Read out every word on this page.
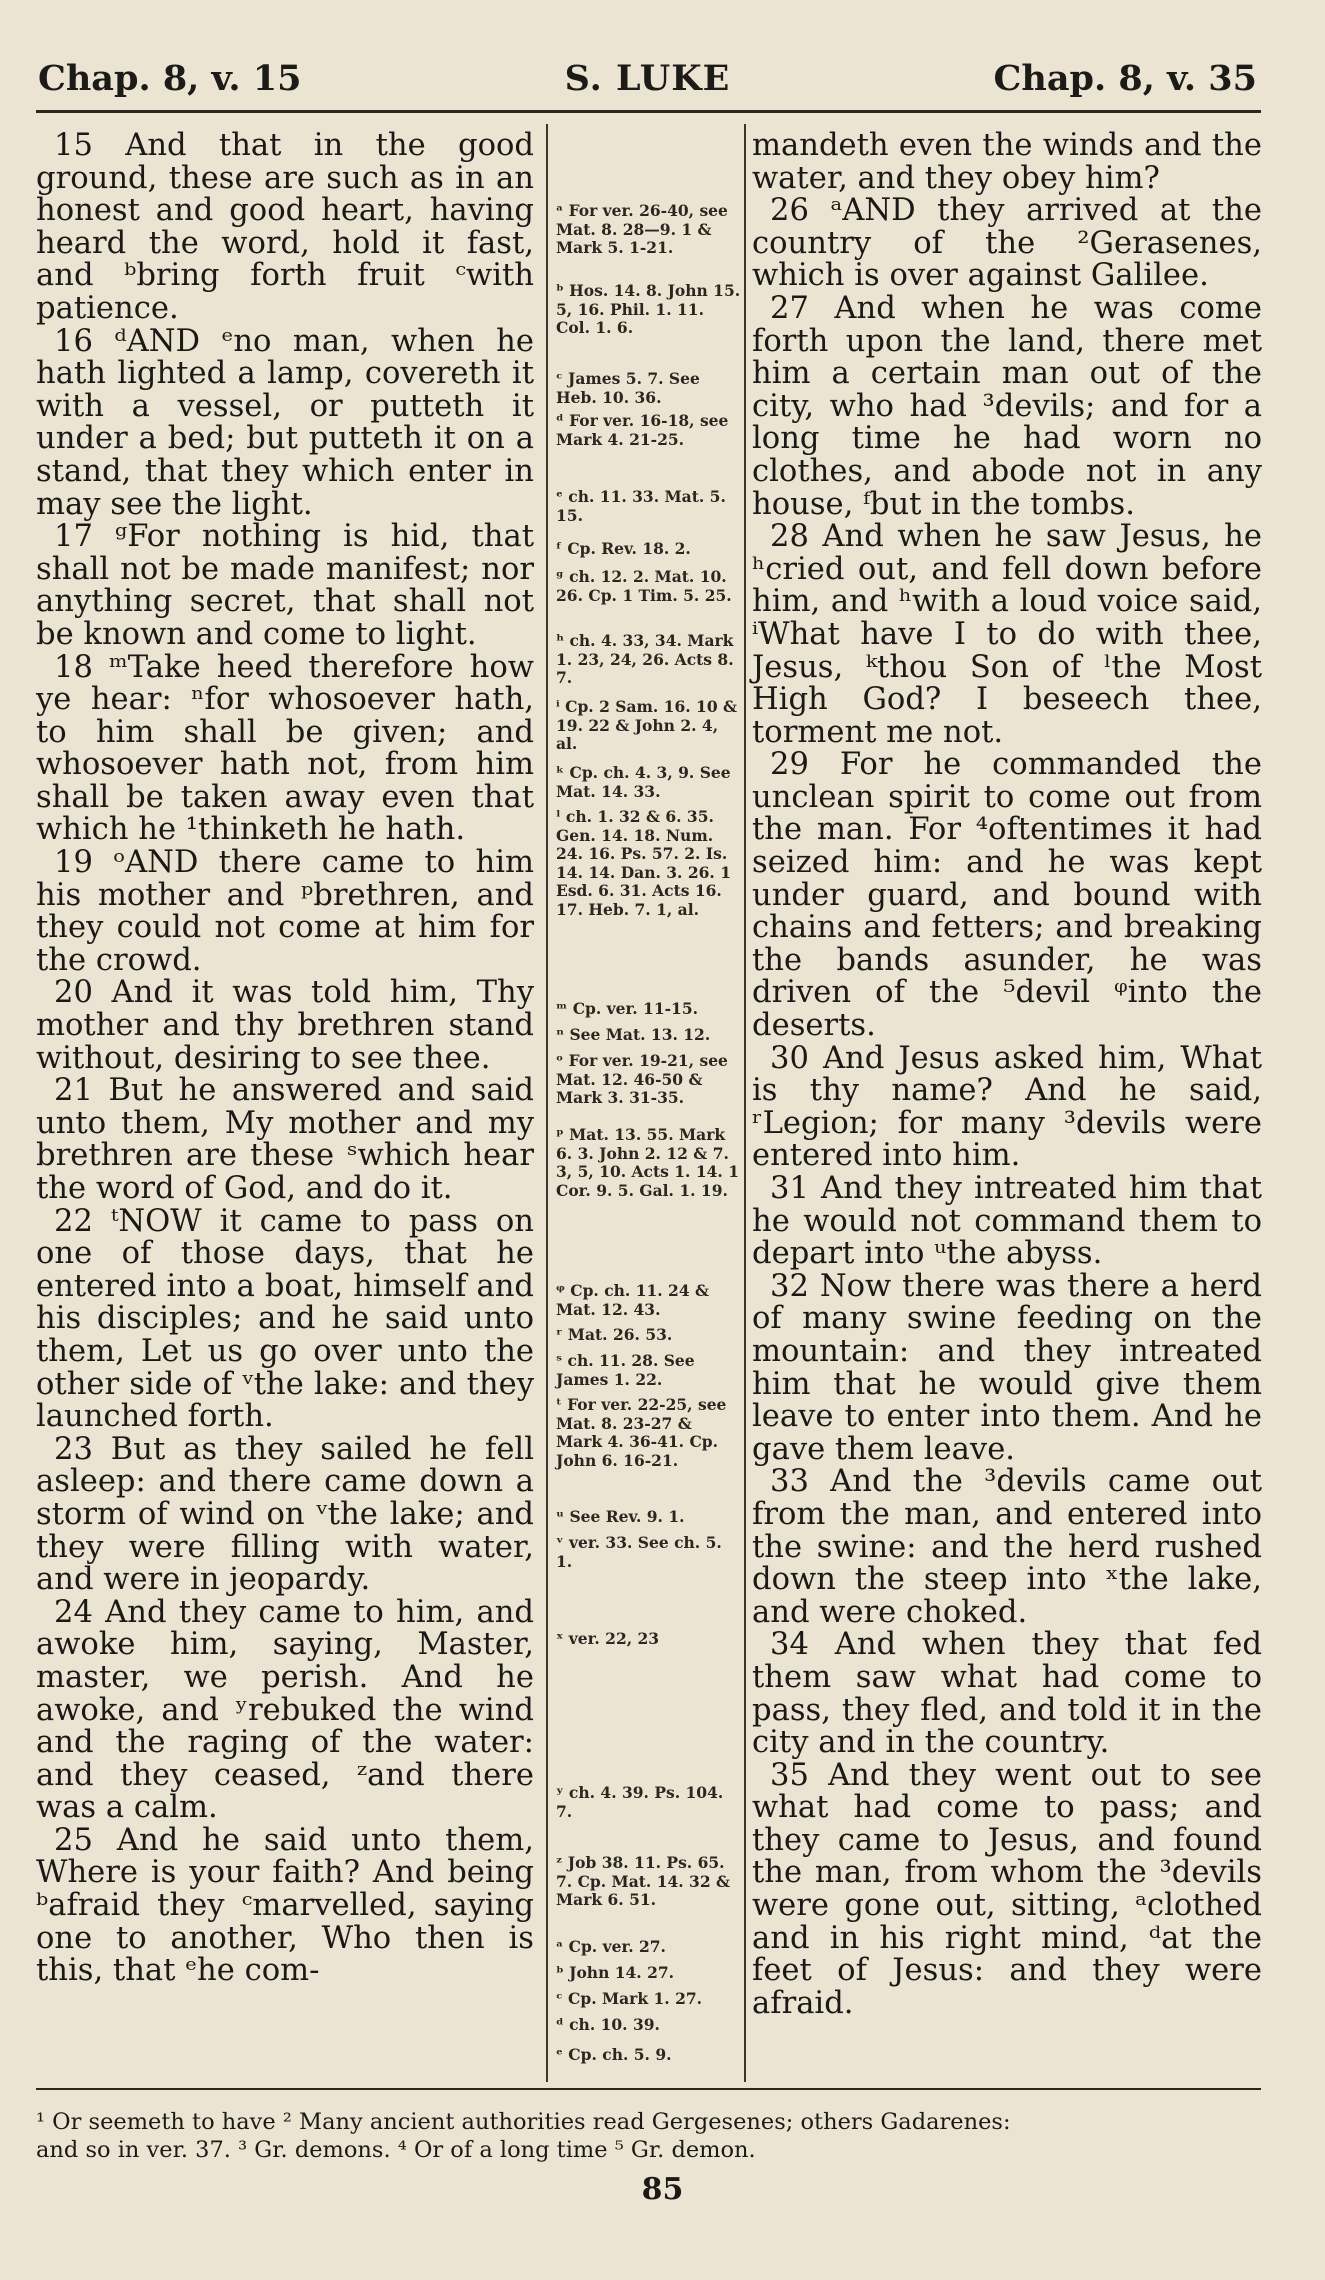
Chap. 8, v. 15	S. LUKE	Chap. 8, v. 35

15 And that in the good ground, these are such as in an honest and good heart, having heard the word, hold it fast, and ᵇbring forth fruit ᶜwith patience.

16 ᵈAND ᵉno man, when he hath lighted a lamp, covereth it with a vessel, or putteth it under a bed; but putteth it on a stand, that they which enter in may see the light.

17 ᵍFor nothing is hid, that shall not be made manifest; nor anything secret, that shall not be known and come to light.

18 ᵐTake heed therefore how ye hear: ⁿfor whosoever hath, to him shall be given; and whosoever hath not, from him shall be taken away even that which he ¹thinketh he hath.

19 ᵒAND there came to him his mother and ᵖbrethren, and they could not come at him for the crowd.

20 And it was told him, Thy mother and thy brethren stand without, desiring to see thee.

21 But he answered and said unto them, My mother and my brethren are these ˢwhich hear the word of God, and do it.

22 ᵗNOW it came to pass on one of those days, that he entered into a boat, himself and his disciples; and he said unto them, Let us go over unto the other side of ᵛthe lake: and they launched forth.

23 But as they sailed he fell asleep: and there came down a storm of wind on ᵛthe lake; and they were filling with water, and were in jeopardy.

24 And they came to him, and awoke him, saying, Master, master, we perish. And he awoke, and ʸrebuked the wind and the raging of the water: and they ceased, ᶻand there was a calm.

25 And he said unto them, Where is your faith? And being ᵇafraid they ᶜmarvelled, saying one to another, Who then is this, that ᵉhe com-

ᵃ For ver. 26-40, see Mat. 8. 28—9. 1 & Mark 5. 1-21.
ᵇ Hos. 14. 8. John 15. 5, 16. Phil. 1. 11. Col. 1. 6.
ᶜ James 5. 7. See Heb. 10. 36.
ᵈ For ver. 16-18, see Mark 4. 21-25.
ᵉ ch. 11. 33. Mat. 5. 15.
ᶠ Cp. Rev. 18. 2.
ᵍ ch. 12. 2. Mat. 10. 26. Cp. 1 Tim. 5. 25.
ʰ ch. 4. 33, 34. Mark 1. 23, 24, 26. Acts 8. 7.
ⁱ Cp. 2 Sam. 16. 10 & 19. 22 & John 2. 4, al.
ᵏ Cp. ch. 4. 3, 9. See Mat. 14. 33.
ˡ ch. 1. 32 & 6. 35. Gen. 14. 18. Num. 24. 16. Ps. 57. 2. Is. 14. 14. Dan. 3. 26. 1 Esd. 6. 31. Acts 16. 17. Heb. 7. 1, al.
ᵐ Cp. ver. 11-15.
ⁿ See Mat. 13. 12.
ᵒ For ver. 19-21, see Mat. 12. 46-50 & Mark 3. 31-35.
ᵖ Mat. 13. 55. Mark 6. 3. John 2. 12 & 7. 3, 5, 10. Acts 1. 14. 1 Cor. 9. 5. Gal. 1. 19.
ᵠ Cp. ch. 11. 24 & Mat. 12. 43.
ʳ Mat. 26. 53.
ˢ ch. 11. 28. See James 1. 22.
ᵗ For ver. 22-25, see Mat. 8. 23-27 & Mark 4. 36-41. Cp. John 6. 16-21.
ᵘ See Rev. 9. 1.
ᵛ ver. 33. See ch. 5. 1.
ˣ ver. 22, 23
ʸ ch. 4. 39. Ps. 104. 7.
ᶻ Job 38. 11. Ps. 65. 7. Cp. Mat. 14. 32 & Mark 6. 51.
ᵃ Cp. ver. 27.
ᵇ John 14. 27.
ᶜ Cp. Mark 1. 27.
ᵈ ch. 10. 39.
ᵉ Cp. ch. 5. 9.

mandeth even the winds and the water, and they obey him?

26 ᵃAND they arrived at the country of the ²Gerasenes, which is over against Galilee.

27 And when he was come forth upon the land, there met him a certain man out of the city, who had ³devils; and for a long time he had worn no clothes, and abode not in any house, ᶠbut in the tombs.

28 And when he saw Jesus, he ʰcried out, and fell down before him, and ʰwith a loud voice said, ⁱWhat have I to do with thee, Jesus, ᵏthou Son of ˡthe Most High God? I beseech thee, torment me not.

29 For he commanded the unclean spirit to come out from the man. For ⁴oftentimes it had seized him: and he was kept under guard, and bound with chains and fetters; and breaking the bands asunder, he was driven of the ⁵devil ᵠinto the deserts.

30 And Jesus asked him, What is thy name? And he said, ʳLegion; for many ³devils were entered into him.

31 And they intreated him that he would not command them to depart into ᵘthe abyss.

32 Now there was there a herd of many swine feeding on the mountain: and they intreated him that he would give them leave to enter into them. And he gave them leave.

33 And the ³devils came out from the man, and entered into the swine: and the herd rushed down the steep into ˣthe lake, and were choked.

34 And when they that fed them saw what had come to pass, they fled, and told it in the city and in the country.

35 And they went out to see what had come to pass; and they came to Jesus, and found the man, from whom the ³devils were gone out, sitting, ᵃclothed and in his right mind, ᵈat the feet of Jesus: and they were afraid.

¹ Or seemeth to have ² Many ancient authorities read Gergesenes; others Gadarenes:
and so in ver. 37. ³ Gr. demons. ⁴ Or of a long time ⁵ Gr. demon.
85
